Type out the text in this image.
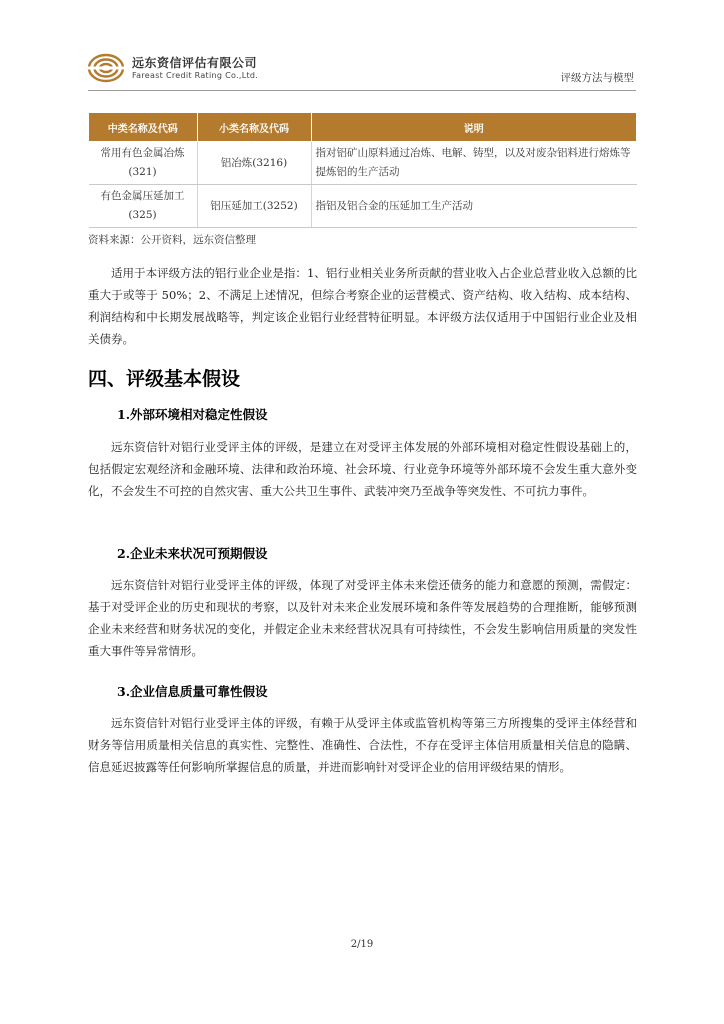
远东资信评估有限公司
Fareast Credit Rating Co.,Ltd.	评级方法与模型
中类名称及代码	小类名称及代码	说明

常用有色金属冶炼
(321)	铝冶炼(3216)	指对铝矿山原料通过冶炼、电解、铸型，以及对废杂铝料进行熔炼等提炼铝的生产活动

有色金属压延加工
(325)	铝压延加工(3252)	指铝及铝合金的压延加工生产活动
资料来源：公开资料，远东资信整理

适用于本评级方法的铝行业企业是指：1、铝行业相关业务所贡献的营业收入占企业总营业收入总额的比重大于或等于 50%；2、不满足上述情况，但综合考察企业的运营模式、资产结构、收入结构、成本结构、利润结构和中长期发展战略等，判定该企业铝行业经营特征明显。本评级方法仅适用于中国铝行业企业及相关债券。

四、评级基本假设
1.外部环境相对稳定性假设

远东资信针对铝行业受评主体的评级，是建立在对受评主体发展的外部环境相对稳定性假设基础上的，包括假定宏观经济和金融环境、法律和政治环境、社会环境、行业竞争环境等外部环境不会发生重大意外变化，不会发生不可控的自然灾害、重大公共卫生事件、武装冲突乃至战争等突发性、不可抗力事件。

2.企业未来状况可预期假设

远东资信针对铝行业受评主体的评级，体现了对受评主体未来偿还债务的能力和意愿的预测，需假定：基于对受评企业的历史和现状的考察，以及针对未来企业发展环境和条件等发展趋势的合理推断，能够预测企业未来经营和财务状况的变化，并假定企业未来经营状况具有可持续性，不会发生影响信用质量的突发性重大事件等异常情形。

3.企业信息质量可靠性假设

远东资信针对铝行业受评主体的评级，有赖于从受评主体或监管机构等第三方所搜集的受评主体经营和财务等信用质量相关信息的真实性、完整性、准确性、合法性，不存在受评主体信用质量相关信息的隐瞒、信息延迟披露等任何影响所掌握信息的质量，并进而影响针对受评企业的信用评级结果的情形。

2/19
